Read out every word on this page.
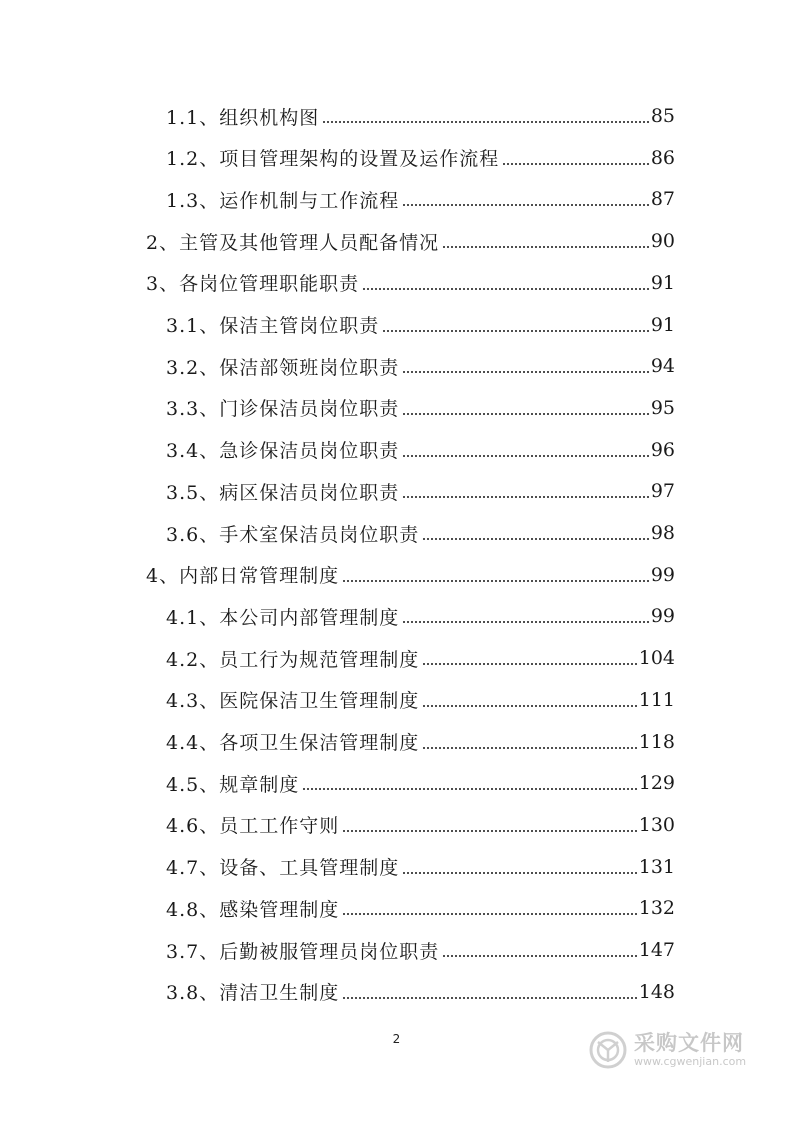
1.1、 组织机构图	85
1.2、 项目管理架构的设置及运作流程	86
1.3、 运作机制与工作流程	87
2、 主管及其他管理人员配备情况	90
3、 各岗位管理职能职责	91
3.1、 保洁主管岗位职责	91
3.2、 保洁部领班岗位职责	94
3.3、 门诊保洁员岗位职责	95
3.4、 急诊保洁员岗位职责	96
3.5、 病区保洁员岗位职责	97
3.6、 手术室保洁员岗位职责	98
4、 内部日常管理制度	99
4.1、 本公司内部管理制度	99
4.2、 员工行为规范管理制度	104
4.3、 医院保洁卫生管理制度	111
4.4、 各项卫生保洁管理制度	118
4.5、 规章制度	129
4.6、 员工工作守则	130
4.7、 设备、工具管理制度	131
4.8、 感染管理制度	132
3.7、 后勤被服管理员岗位职责	147
3.8、 清洁卫生制度	148
2	采购文件网
www.cgwenjian.com
